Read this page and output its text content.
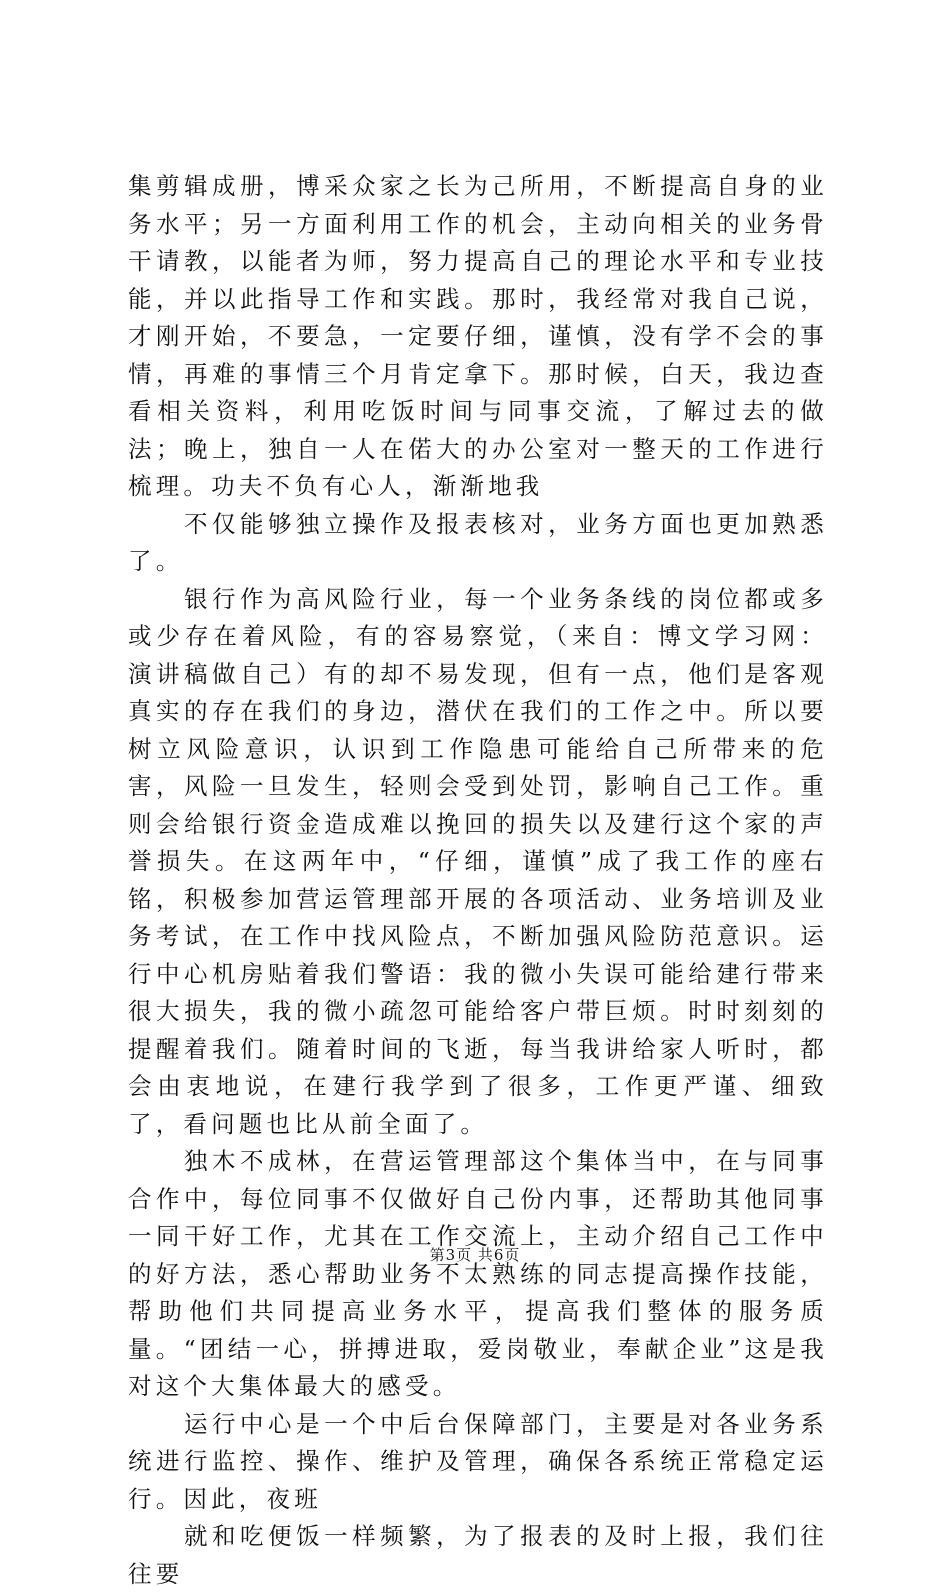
集剪辑成册，博采众家之长为己所用，不断提高自身的业务水平；另一方面利用工作的机会，主动向相关的业务骨干请教，以能者为师，努力提高自己的理论水平和专业技能，并以此指导工作和实践。那时，我经常对我自己说，才刚开始，不要急，一定要仔细，谨慎，没有学不会的事情，再难的事情三个月肯定拿下。那时候，白天，我边查看相关资料，利用吃饭时间与同事交流，了解过去的做法；晚上，独自一人在偌大的办公室对一整天的工作进行梳理。功夫不负有心人，渐渐地我

不仅能够独立操作及报表核对，业务方面也更加熟悉了。

银行作为高风险行业，每一个业务条线的岗位都或多或少存在着风险，有的容易察觉，（来自：博文学习网：演讲稿做自己）有的却不易发现，但有一点，他们是客观真实的存在我们的身边，潜伏在我们的工作之中。所以要树立风险意识，认识到工作隐患可能给自己所带来的危害，风险一旦发生，轻则会受到处罚，影响自己工作。重则会给银行资金造成难以挽回的损失以及建行这个家的声誉损失。在这两年中，“仔细，谨慎”成了我工作的座右铭，积极参加营运管理部开展的各项活动、业务培训及业务考试，在工作中找风险点，不断加强风险防范意识。运行中心机房贴着我们警语：我的微小失误可能给建行带来很大损失，我的微小疏忽可能给客户带巨烦。时时刻刻的提醒着我们。随着时间的飞逝，每当我讲给家人听时，都会由衷地说，在建行我学到了很多，工作更严谨、细致了，看问题也比从前全面了。

独木不成林，在营运管理部这个集体当中，在与同事合作中，每位同事不仅做好自己份内事，还帮助其他同事一同干好工作，尤其在工作交流上，主动介绍自己工作中的好方法，悉心帮助业务不太熟练的同志提高操作技能，帮助他们共同提高业务水平，提高我们整体的服务质量。“团结一心，拼搏进取，爱岗敬业，奉献企业”这是我对这个大集体最大的感受。

运行中心是一个中后台保障部门，主要是对各业务系统进行监控、操作、维护及管理，确保各系统正常稳定运行。因此，夜班

就和吃便饭一样频繁，为了报表的及时上报，我们往往要

第3页 共6页
